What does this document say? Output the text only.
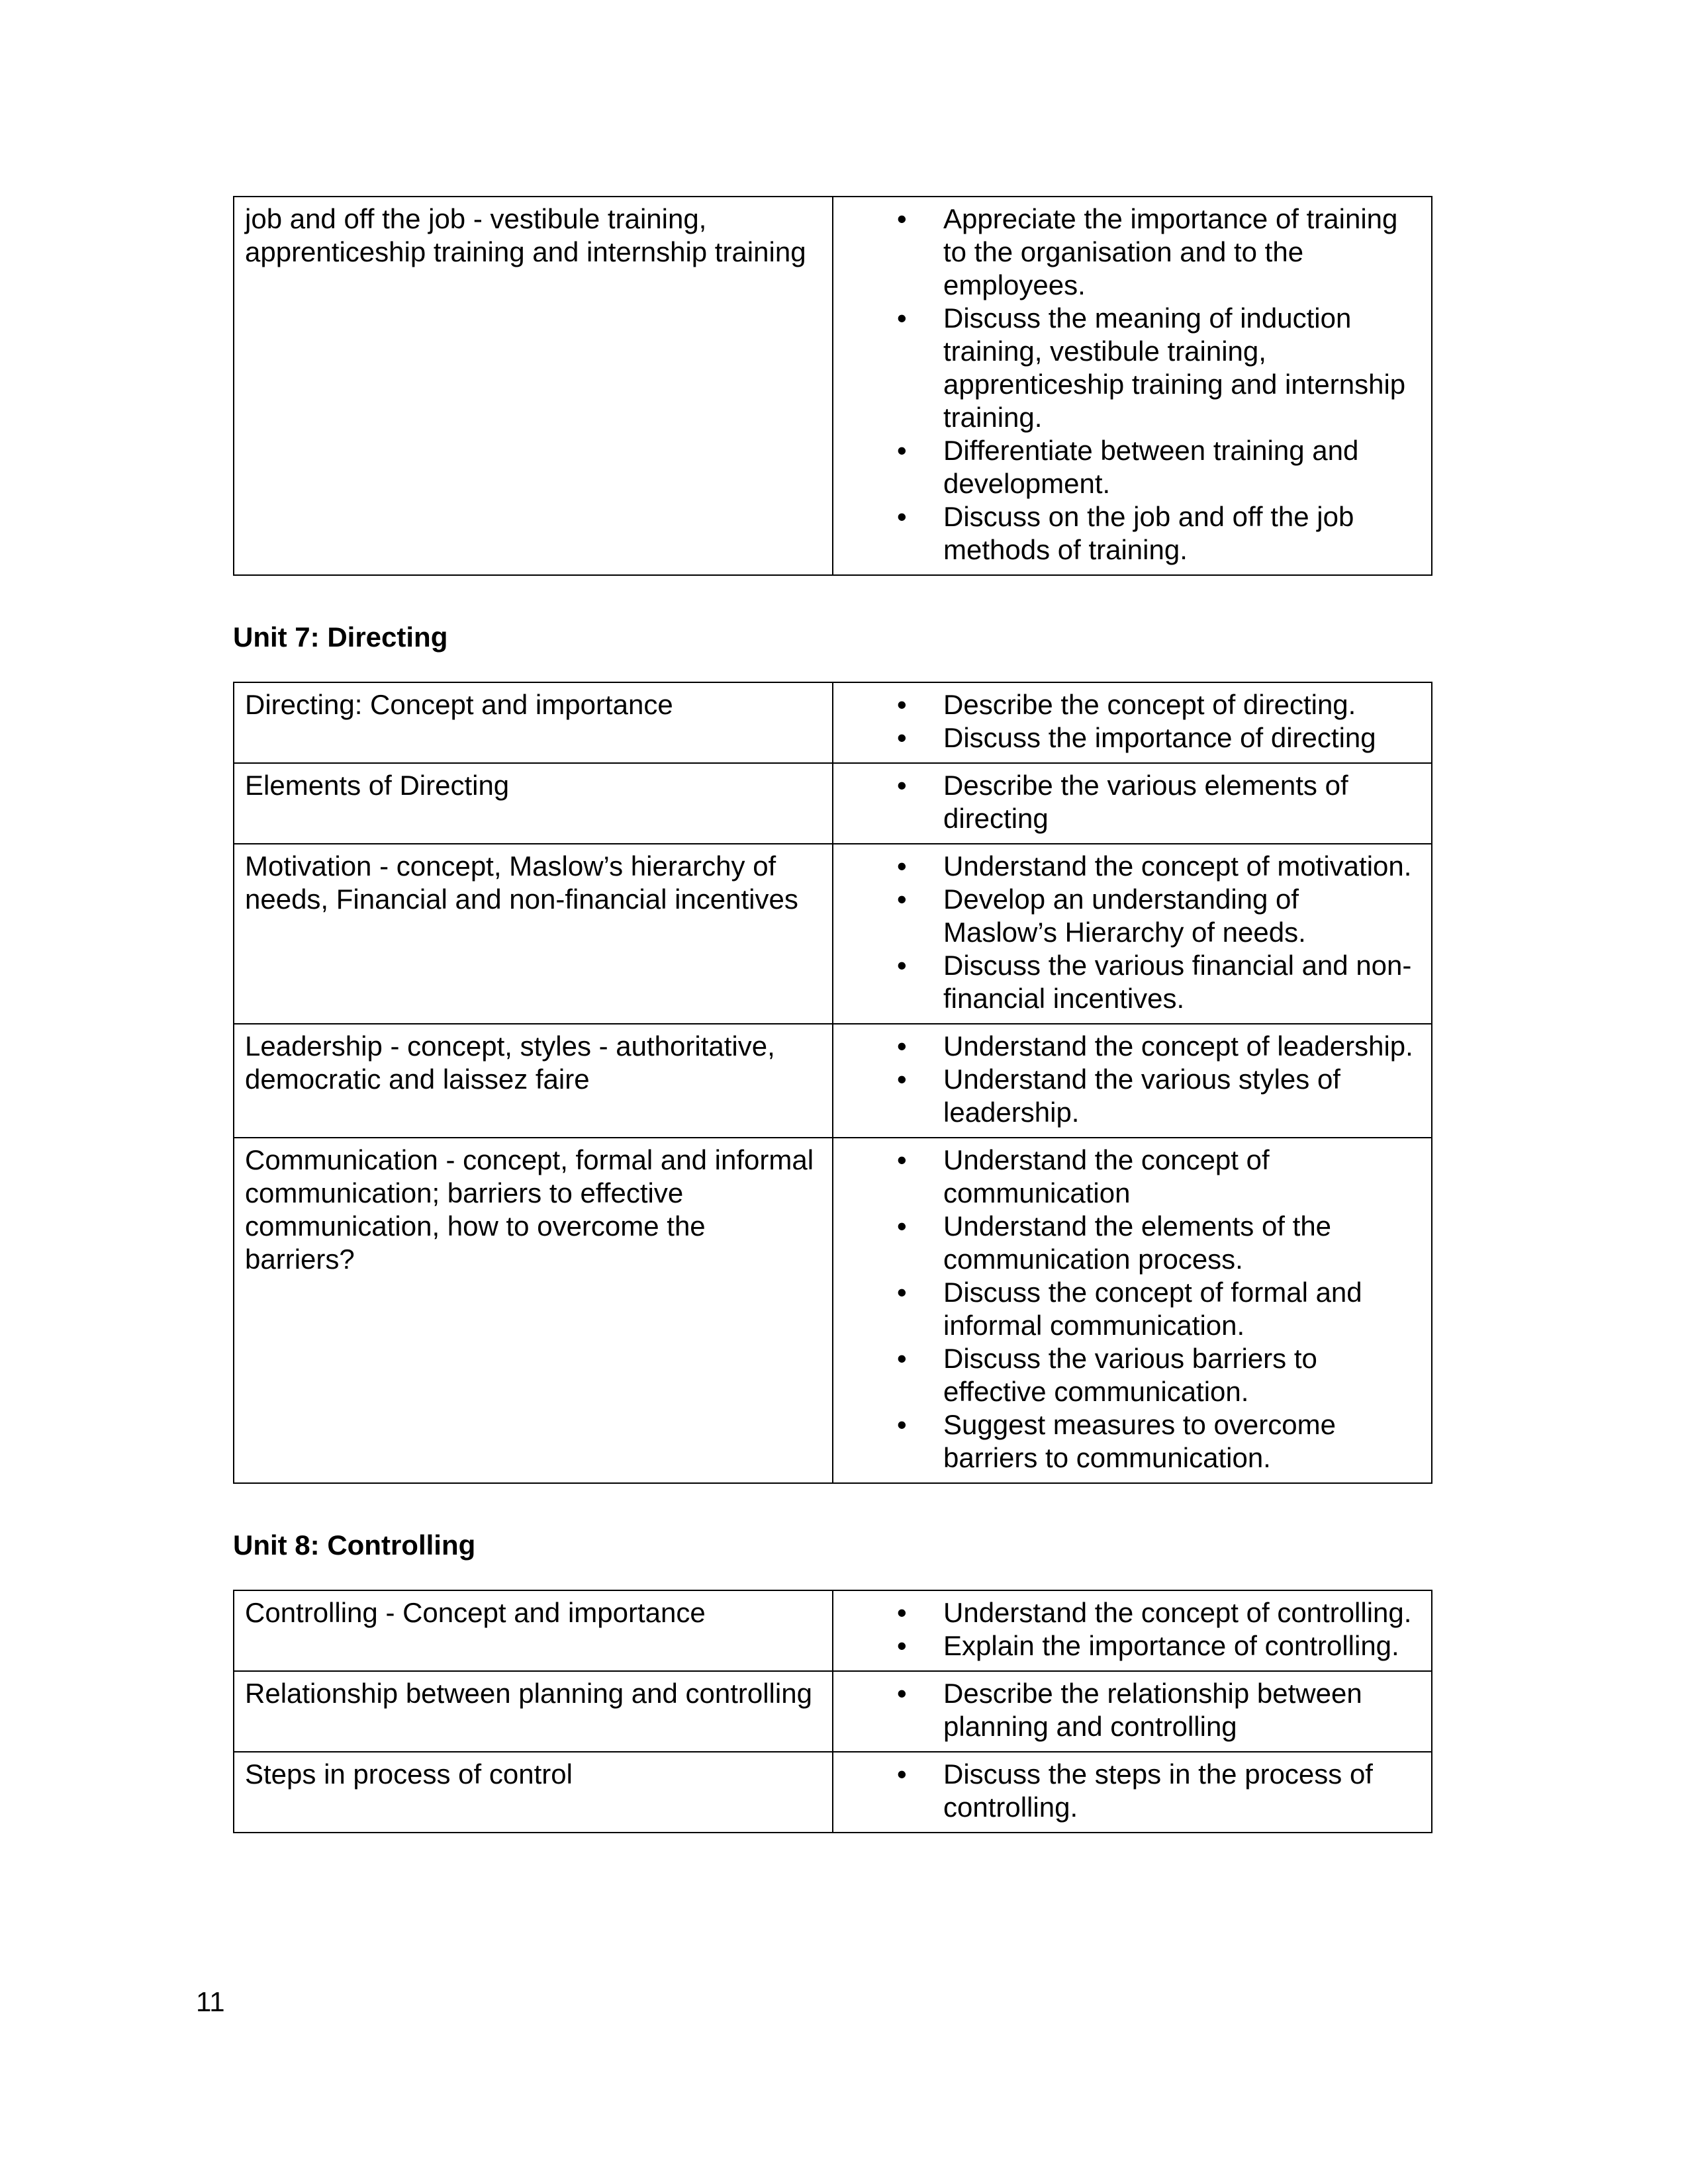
job and off the job - vestibule training, apprenticeship training and internship training	
• Appreciate the importance of training to the organisation and to the employees.
• Discuss the meaning of induction training, vestibule training, apprenticeship training and internship training.
• Differentiate between training and development.
• Discuss on the job and off the job methods of training.
Unit 7: Directing
Directing: Concept and importance	
•Describe the concept of directing.
• Discuss the importance of directing

Elements of Directing	
•Describe the various elements of directing

Motivation - concept, Maslow’s hierarchy of needs, Financial and non-financial incentives	
• Understand the concept of motivation.
• Develop an understanding of Maslow’s Hierarchy of needs.
• Discuss the various financial and non-financial incentives.

Leadership - concept, styles - authoritative, democratic and laissez faire	
• Understand the concept of leadership.
• Understand the various styles of leadership.

Communication - concept, formal and informal communication; barriers to effective communication, how to overcome the barriers?	
• Understand the concept of communication
• Understand the elements of the communication process.
• Discuss the concept of formal and informal communication.
• Discuss the various barriers to effective communication.
• Suggest measures to overcome barriers to communication.
Unit 8: Controlling
Controlling - Concept and importance	
•Understand the concept of controlling.
• Explain the importance of controlling.

Relationship between planning and controlling	
•Describe the relationship between planning and controlling

Steps in process of control	
•Discuss the steps in the process of controlling.
11
